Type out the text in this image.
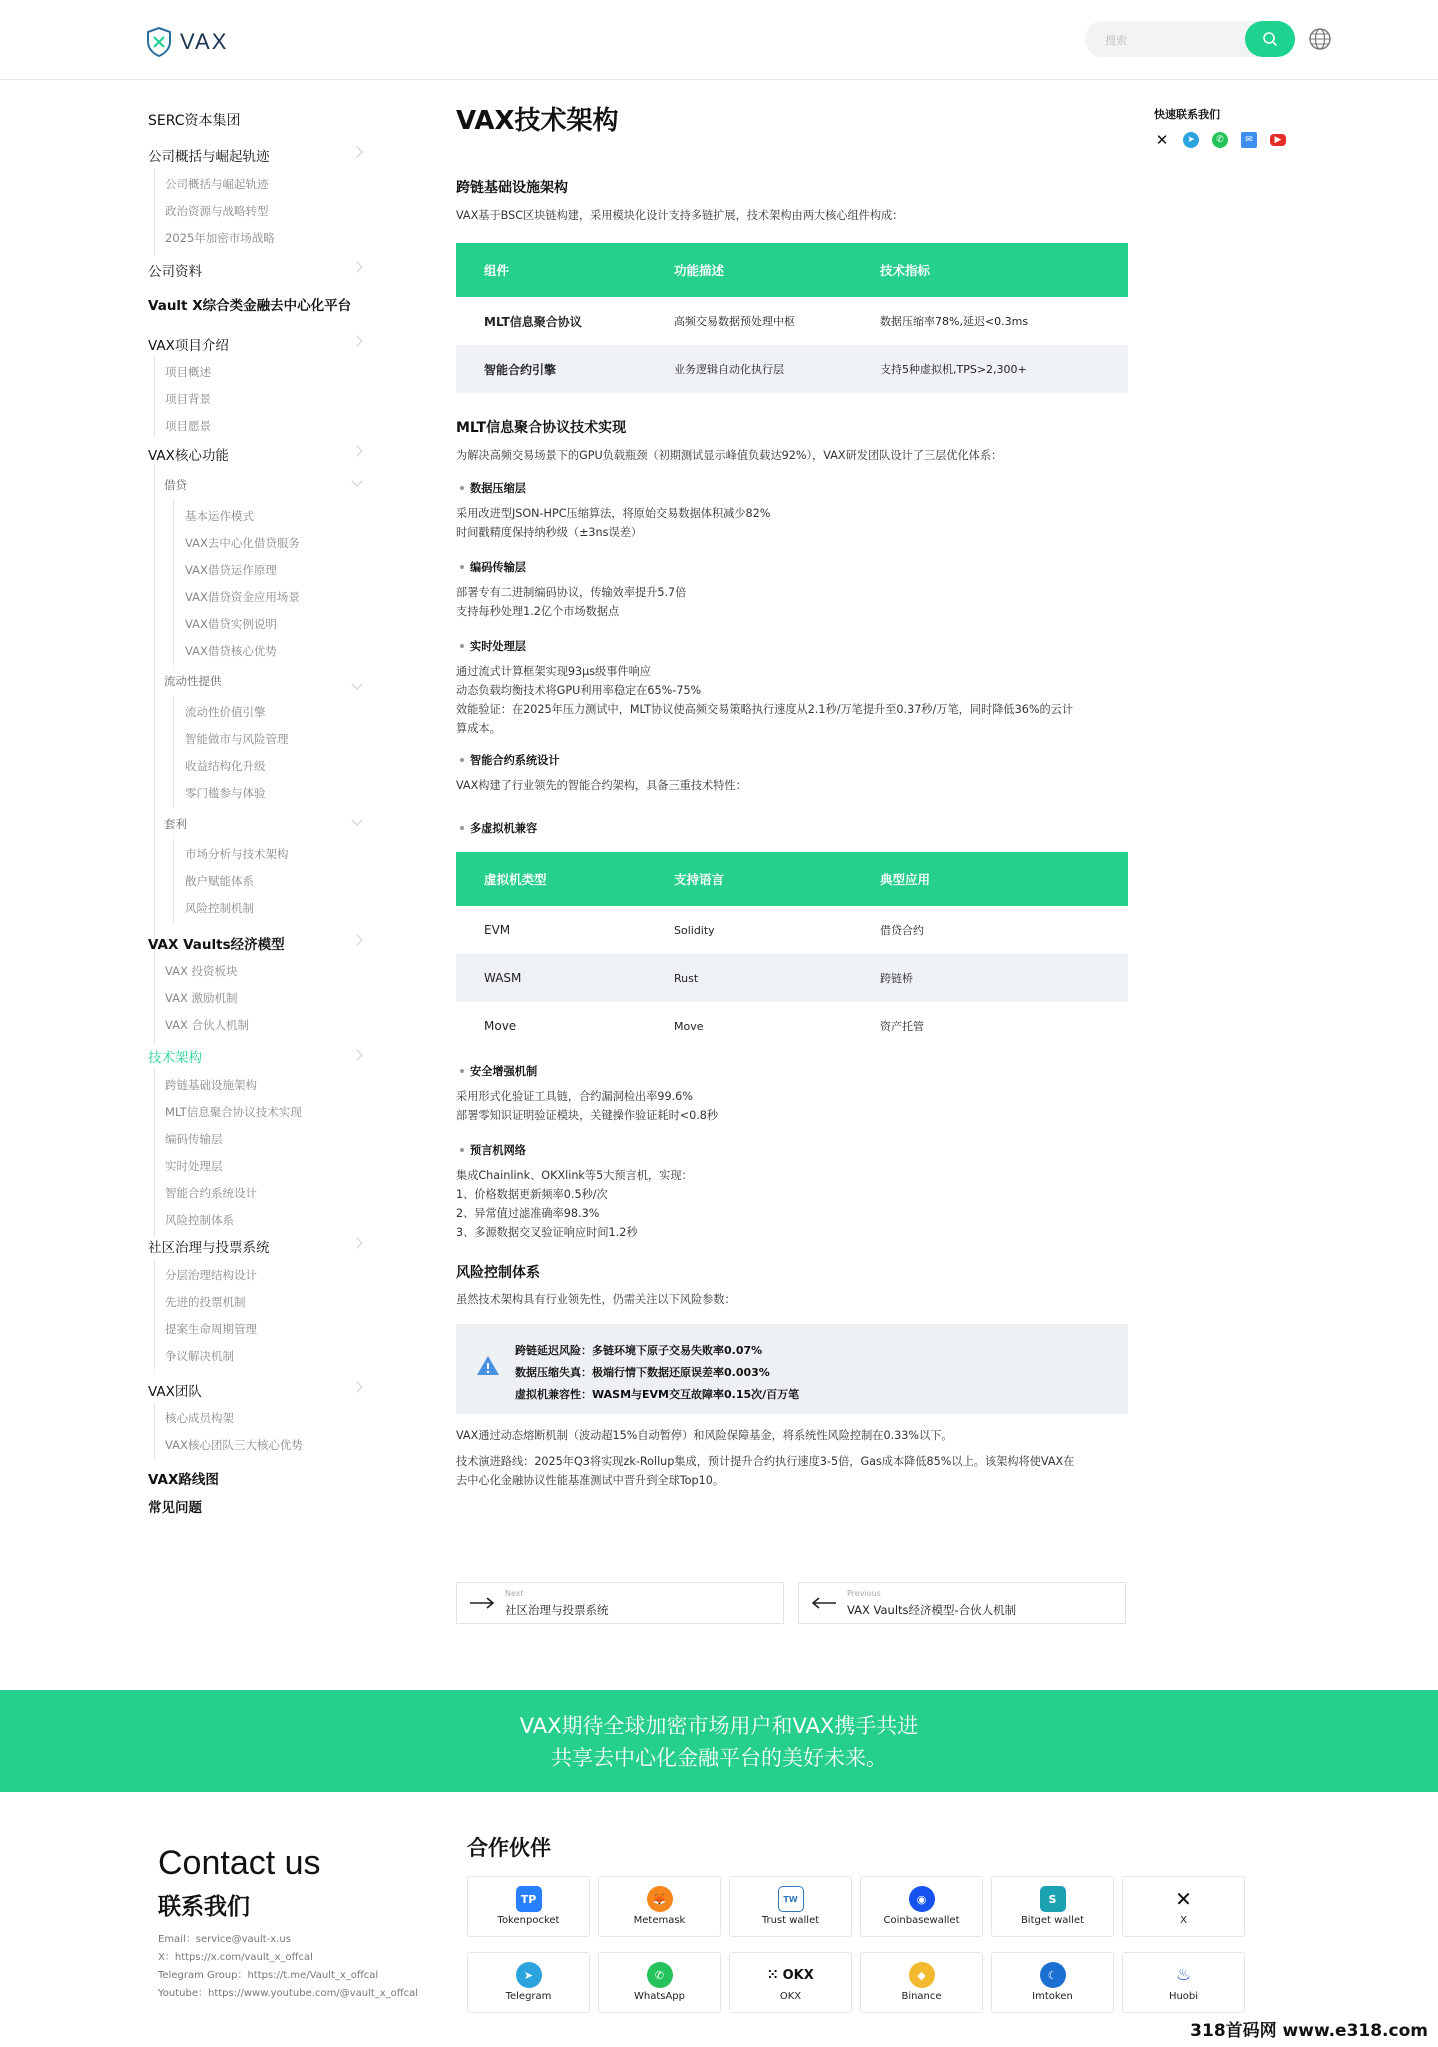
VAX	搜索
SERC资本集团
公司概括与崛起轨迹
公司概括与崛起轨迹
政治资源与战略转型
2025年加密市场战略
公司资料
Vault X综合类金融去中心化平台
VAX项目介绍
项目概述
项目背景
项目愿景
VAX核心功能
借贷
基本运作模式
VAX去中心化借贷服务
VAX借贷运作原理
VAX借贷资金应用场景
VAX借贷实例说明
VAX借贷核心优势
流动性提供
流动性价值引擎
智能做市与风险管理
收益结构化升级
零门槛参与体验
套利
市场分析与技术架构
散户赋能体系
风险控制机制
VAX Vaults经济模型
VAX 投资板块
VAX 激励机制
VAX 合伙人机制
技术架构
跨链基础设施架构
MLT信息聚合协议技术实现
编码传输层
实时处理层
智能合约系统设计
风险控制体系
社区治理与投票系统
分层治理结构设计
先进的投票机制
提案生命周期管理
争议解决机制
VAX团队
核心成员构架
VAX核心团队三大核心优势
VAX路线图
常见问题
VAX技术架构
跨链基础设施架构
VAX基于BSC区块链构建，采用模块化设计支持多链扩展，技术架构由两大核心组件构成：
组件	功能描述	技术指标
MLT信息聚合协议	高频交易数据预处理中枢	数据压缩率78%,延迟<0.3ms
智能合约引擎	业务逻辑自动化执行层	支持5种虚拟机,TPS>2,300+
MLT信息聚合协议技术实现
为解决高频交易场景下的GPU负载瓶颈（初期测试显示峰值负载达92%），VAX研发团队设计了三层优化体系：
数据压缩层
采用改进型JSON-HPC压缩算法，将原始交易数据体积减少82%
时间戳精度保持纳秒级（±3ns误差）
编码传输层
部署专有二进制编码协议，传输效率提升5.7倍
支持每秒处理1.2亿个市场数据点
实时处理层
通过流式计算框架实现93μs级事件响应
动态负载均衡技术将GPU利用率稳定在65%-75%
效能验证：在2025年压力测试中，MLT协议使高频交易策略执行速度从2.1秒/万笔提升至0.37秒/万笔，同时降低36%的云计
算成本。
智能合约系统设计
VAX构建了行业领先的智能合约架构，具备三重技术特性：
多虚拟机兼容
虚拟机类型	支持语言	典型应用
EVM	Solidity	借贷合约
WASM	Rust	跨链桥
Move	Move	资产托管
安全增强机制
采用形式化验证工具链，合约漏洞检出率99.6%
部署零知识证明验证模块，关键操作验证耗时<0.8秒
预言机网络
集成Chainlink、OKXlink等5大预言机，实现：
1、价格数据更新频率0.5秒/次
2、异常值过滤准确率98.3%
3、多源数据交叉验证响应时间1.2秒
风险控制体系
虽然技术架构具有行业领先性，仍需关注以下风险参数：
跨链延迟风险：多链环境下原子交易失败率0.07%
数据压缩失真：极端行情下数据还原误差率0.003%
虚拟机兼容性：WASM与EVM交互故障率0.15次/百万笔
VAX通过动态熔断机制（波动超15%自动暂停）和风险保障基金，将系统性风险控制在0.33%以下。
技术演进路线：2025年Q3将实现zk-Rollup集成，预计提升合约执行速度3-5倍，Gas成本降低85%以上。该架构将使VAX在
去中心化金融协议性能基准测试中晋升到全球Top10。
Next
社区治理与投票系统
Previous
VAX Vaults经济模型-合伙人机制
快速联系我们
✕	➤	✆	✉	▶
VAX期待全球加密市场用户和VAX携手共进
共享去中心化金融平台的美好未来。
Contact us
联系我们
Email：service@vault-x.us
X：https://x.com/vault_x_offcal
Telegram Group：https://t.me/Vault_x_offcal
Youtube：https://www.youtube.com/@vault_x_offcal
合作伙伴
TP
Tokenpocket
🦊
Metemask
TW
Trust wallet
◉
Coinbasewallet
S
Bitget wallet
✕
X
➤
Telegram
✆
WhatsApp
⁙ OKX
OKX
◆
Binance
☾
Imtoken
♨
Huobi
318首码网 www.e318.com
